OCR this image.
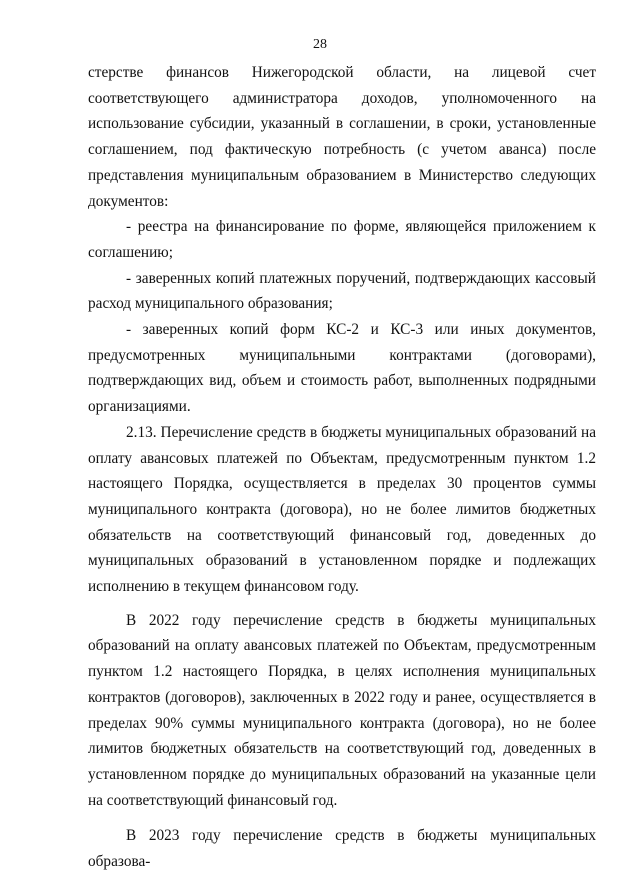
28

стерстве финансов Нижегородской области, на лицевой счет соответствующего администратора доходов, уполномоченного на использование субсидии, указанный в соглашении, в сроки, установленные соглашением, под фактическую потребность (с учетом аванса) после представления муниципальным образованием в Министерство следующих документов:

- реестра на финансирование по форме, являющейся приложением к соглашению;

- заверенных копий платежных поручений, подтверждающих кассовый расход муниципального образования;

- заверенных копий форм КС-2 и КС-3 или иных документов, предусмотренных муниципальными контрактами (договорами), подтверждающих вид, объем и стоимость работ, выполненных подрядными организациями.

2.13. Перечисление средств в бюджеты муниципальных образований на оплату авансовых платежей по Объектам, предусмотренным пунктом 1.2 настоящего Порядка, осуществляется в пределах 30 процентов суммы муниципального контракта (договора), но не более лимитов бюджетных обязательств на соответствующий финансовый год, доведенных до муниципальных образований в установленном порядке и подлежащих исполнению в текущем финансовом году.

В 2022 году перечисление средств в бюджеты муниципальных образований на оплату авансовых платежей по Объектам, предусмотренным пунктом 1.2 настоящего Порядка, в целях исполнения муниципальных контрактов (договоров), заключенных в 2022 году и ранее, осуществляется в пределах 90% суммы муниципального контракта (договора), но не более лимитов бюджетных обязательств на соответствующий год, доведенных в установленном порядке до муниципальных образований на указанные цели на соответствующий финансовый год.

В 2023 году перечисление средств в бюджеты муниципальных образова-
